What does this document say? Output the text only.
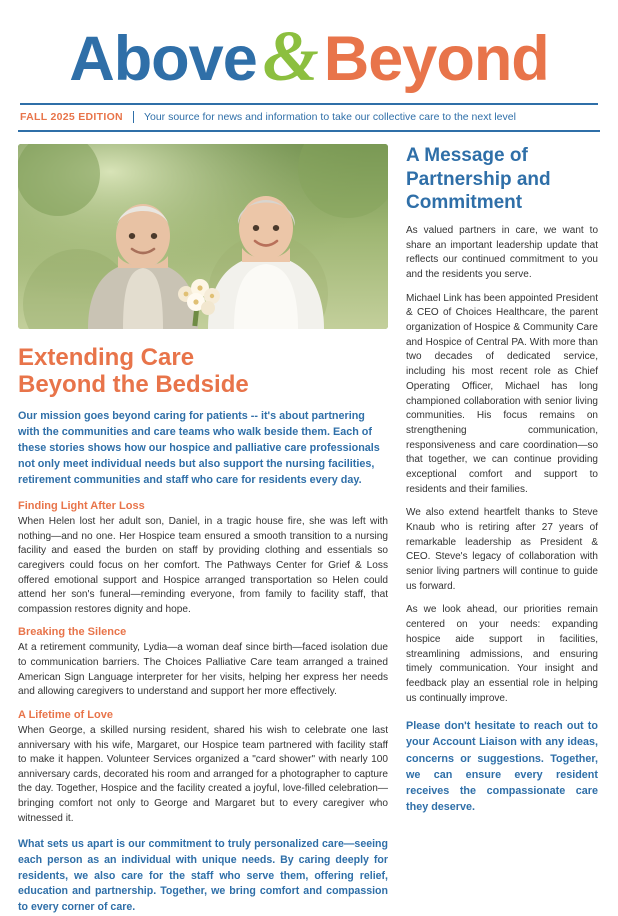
Above&Beyond
FALL 2025 EDITION Your source for news and information to take our collective care to the next level
Extending Care
Beyond the Bedside
Our mission goes beyond caring for patients -- it's about partnering with the communities and care teams who walk beside them. Each of these stories shows how our hospice and palliative care professionals not only meet individual needs but also support the nursing facilities, retirement communities and staff who care for residents every day.
Finding Light After Loss
When Helen lost her adult son, Daniel, in a tragic house fire, she was left with nothing—and no one. Her Hospice team ensured a smooth transition to a nursing facility and eased the burden on staff by providing clothing and essentials so caregivers could focus on her comfort. The Pathways Center for Grief & Loss offered emotional support and Hospice arranged transportation so Helen could attend her son's funeral—reminding everyone, from family to facility staff, that compassion restores dignity and hope.
Breaking the Silence
At a retirement community, Lydia—a woman deaf since birth—faced isolation due to communication barriers. The Choices Palliative Care team arranged a trained American Sign Language interpreter for her visits, helping her express her needs and allowing caregivers to understand and support her more effectively.
A Lifetime of Love
When George, a skilled nursing resident, shared his wish to celebrate one last anniversary with his wife, Margaret, our Hospice team partnered with facility staff to make it happen. Volunteer Services organized a "card shower" with nearly 100 anniversary cards, decorated his room and arranged for a photographer to capture the day. Together, Hospice and the facility created a joyful, love-filled celebration—bringing comfort not only to George and Margaret but to every caregiver who witnessed it.
What sets us apart is our commitment to truly personalized care—seeing each person as an individual with unique needs. By caring deeply for residents, we also care for the staff who serve them, offering relief, education and partnership. Together, we bring comfort and compassion to every corner of care.
A Message of Partnership and Commitment
As valued partners in care, we want to share an important leadership update that reflects our continued commitment to you and the residents you serve.
Michael Link has been appointed President & CEO of Choices Healthcare, the parent organization of Hospice & Community Care and Hospice of Central PA. With more than two decades of dedicated service, including his most recent role as Chief Operating Officer, Michael has long championed collaboration with senior living communities. His focus remains on strengthening communication, responsiveness and care coordination—so that together, we can continue providing exceptional comfort and support to residents and their families.
We also extend heartfelt thanks to Steve Knaub who is retiring after 27 years of remarkable leadership as President & CEO. Steve's legacy of collaboration with senior living partners will continue to guide us forward.
As we look ahead, our priorities remain centered on your needs: expanding hospice aide support in facilities, streamlining admissions, and ensuring timely communication. Your insight and feedback play an essential role in helping us continually improve.
Please don't hesitate to reach out to your Account Liaison with any ideas, concerns or suggestions. Together, we can ensure every resident receives the compassionate care they deserve.
